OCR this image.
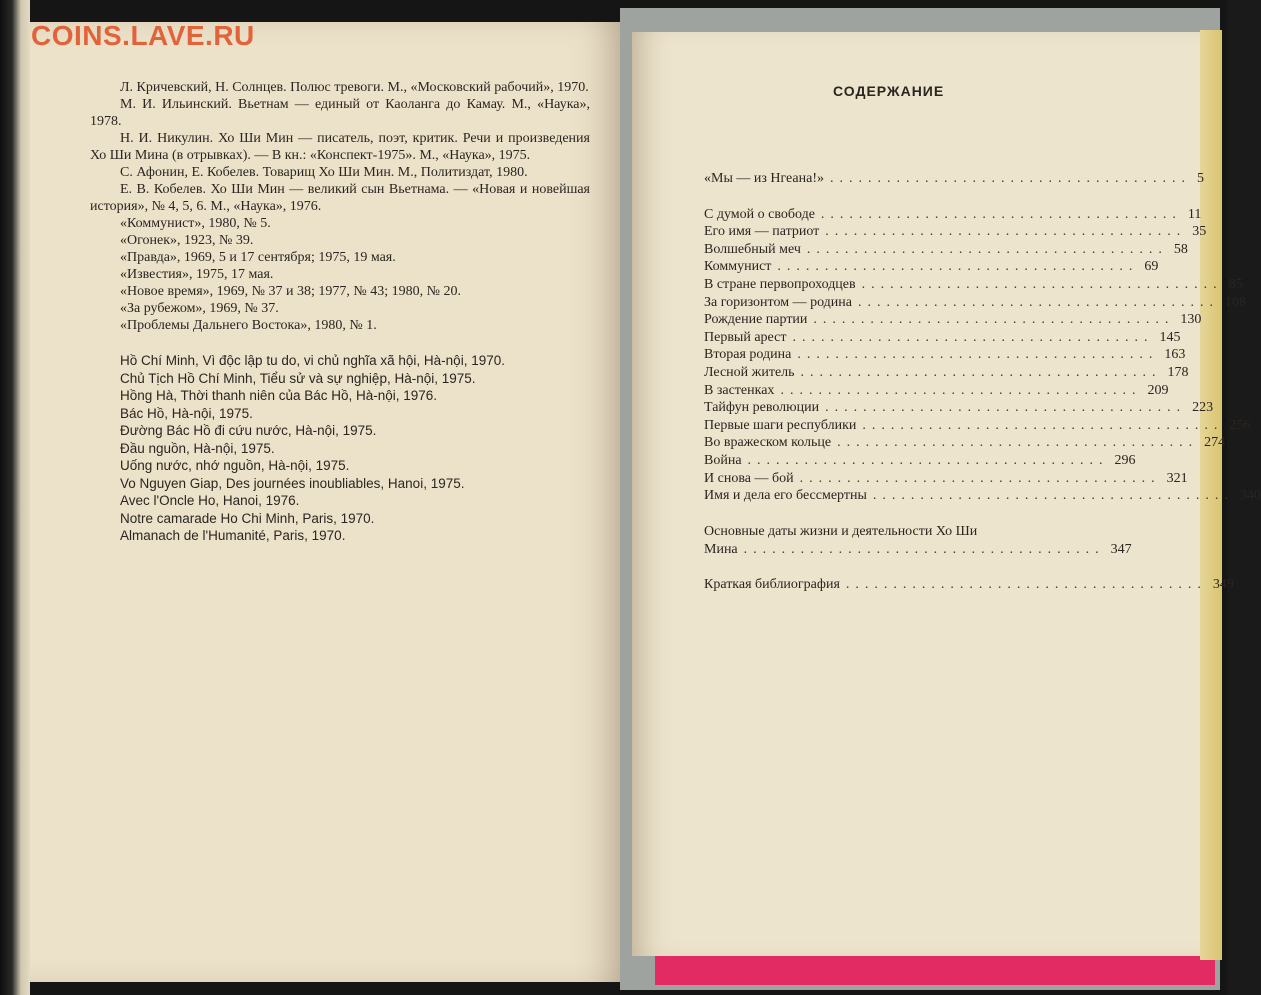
COINS.LAVE.RU
Л. Кричевский, Н. Солнцев. Полюс тревоги. М., «Московский рабочий», 1970.
М. И. Ильинский. Вьетнам — единый от Каолангa до Камау. М., «Наука», 1978.
Н. И. Никулин. Хо Ши Мин — писатель, поэт, критик. Речи и произведения Хо Ши Мина (в отрывках). — В кн.: «Конспект-1975». М., «Наука», 1975.
С. Афонин, Е. Кобелев. Товарищ Хо Ши Мин. М., Политиздат, 1980.
Е. В. Кобелев. Хо Ши Мин — великий сын Вьетнама. — «Новая и новейшая история», № 4, 5, 6. М., «Наука», 1976.
«Коммунист», 1980, № 5.
«Огонек», 1923, № 39.
«Правда», 1969, 5 и 17 сентября; 1975, 19 мая.
«Известия», 1975, 17 мая.
«Новое время», 1969, № 37 и 38; 1977, № 43; 1980, № 20.
«За рубежом», 1969, № 37.
«Проблемы Дальнего Востока», 1980, № 1.
Hồ Chí Minh, Vì độc lập tu do, vi chủ nghĩa xã hội, Hà-nội, 1970.
Chủ Tịch Hồ Chí Minh, Tiểu sử và sự nghiệp, Hà-nội, 1975.
Hồng Hà, Thời thanh niên của Bác Hồ, Hà-nội, 1976.
Bác Hồ, Hà-nội, 1975.
Đường Bác Hồ đi cứu nước, Hà-nội, 1975.
Đầu nguồn, Hà-nội, 1975.
Uống nước, nhớ nguồn, Hà-nội, 1975.
Vo Nguyen Giap, Des journées inoubliables, Hanoi, 1975.
Avec l'Oncle Ho, Hanoi, 1976.
Notre camarade Ho Chi Minh, Paris, 1970.
Almanach de l'Humanité, Paris, 1970.
СОДЕРЖАНИЕ
«Мы — из Нгеана!» ...................................... 5
С думой о свободе ...................................... 11
Его имя — патриот ...................................... 35
Волшебный меч ...................................... 58
Коммунист ...................................... 69
В стране первопроходцев ...................................... 85
За горизонтом — родина ...................................... 108
Рождение партии ...................................... 130
Первый арест ...................................... 145
Вторая родина ...................................... 163
Лесной житель ...................................... 178
В застенках ...................................... 209
Тайфун революции ...................................... 223
Первые шаги республики ...................................... 256
Во вражеском кольце ...................................... 274
Война ...................................... 296
И снова — бой ...................................... 321
Имя и дела его бессмертны ...................................... 340
Основные даты жизни и деятельности Хо Ши
Мина ...................................... 347
Краткая библиография ...................................... 349
